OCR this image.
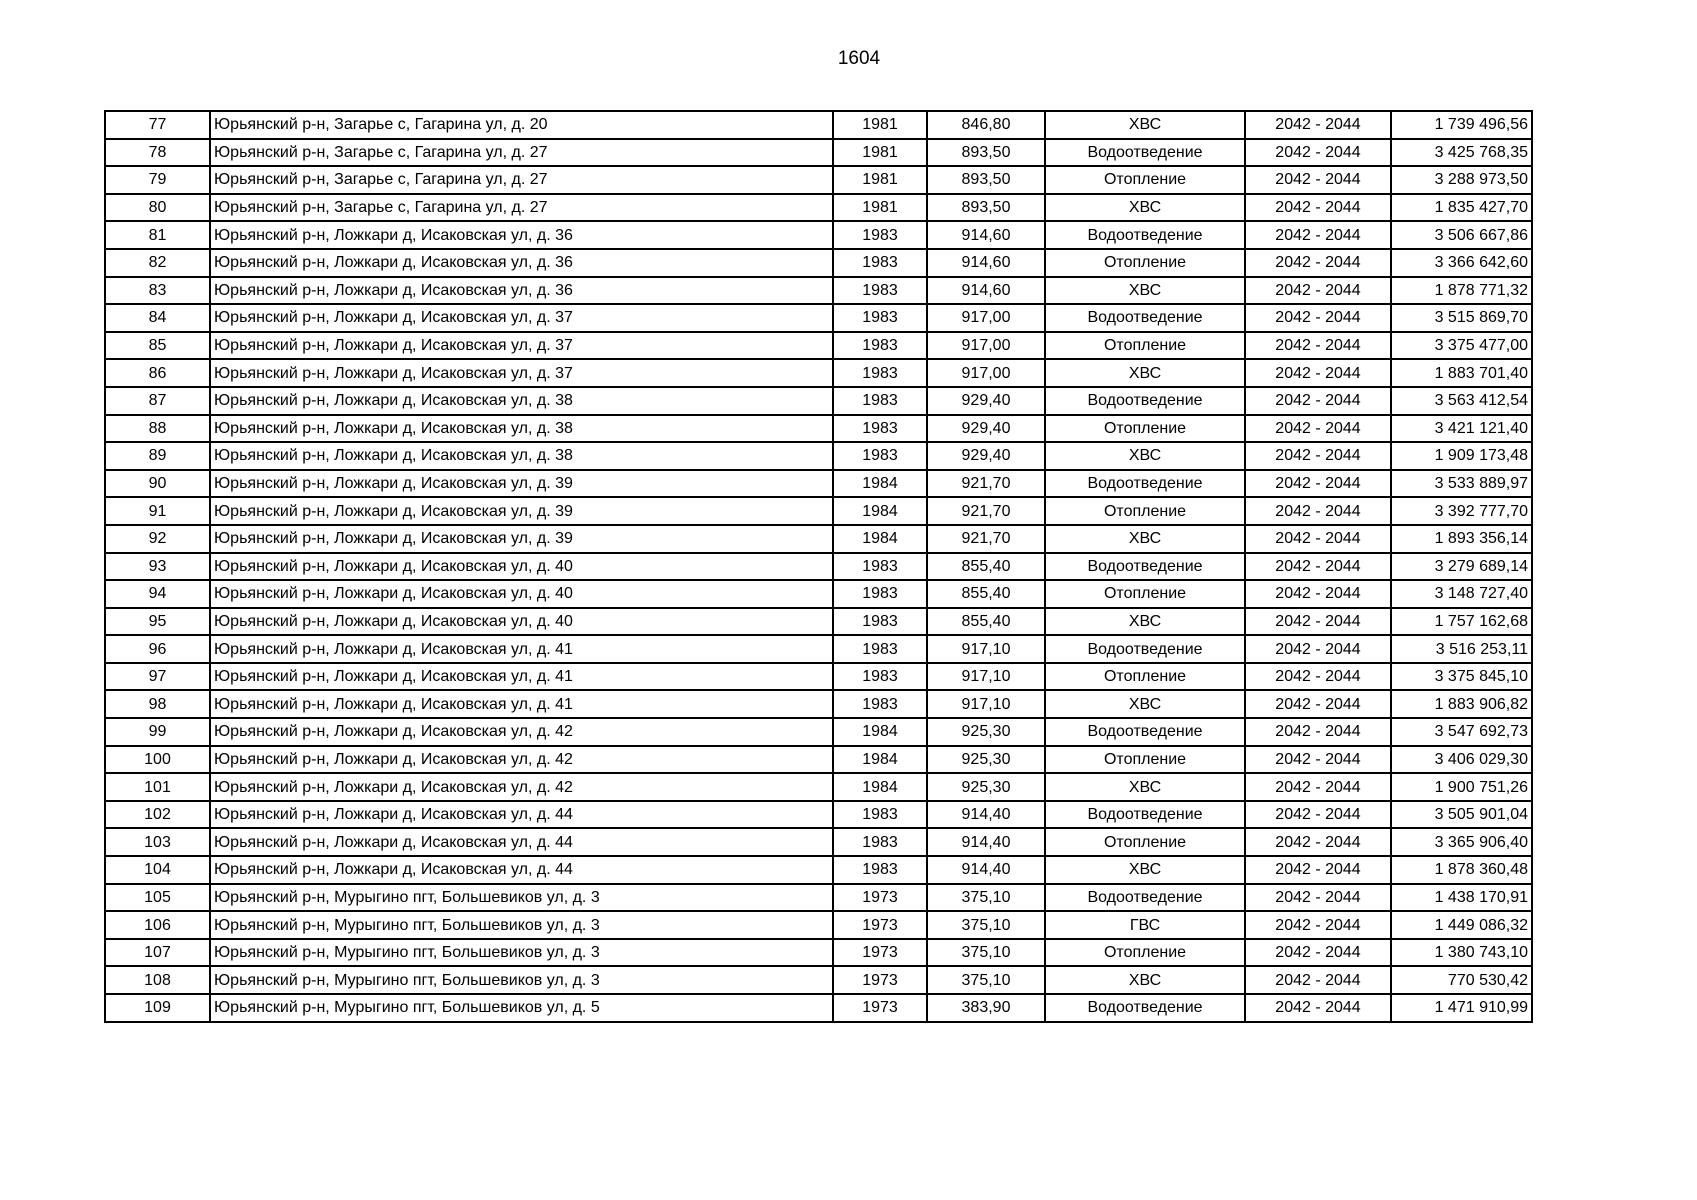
1604
77	Юрьянский р-н, Загарье с, Гагарина ул, д. 20	1981	846,80	ХВС	2042 - 2044	1 739 496,56
78	Юрьянский р-н, Загарье с, Гагарина ул, д. 27	1981	893,50	Водоотведение	2042 - 2044	3 425 768,35
79	Юрьянский р-н, Загарье с, Гагарина ул, д. 27	1981	893,50	Отопление	2042 - 2044	3 288 973,50
80	Юрьянский р-н, Загарье с, Гагарина ул, д. 27	1981	893,50	ХВС	2042 - 2044	1 835 427,70
81	Юрьянский р-н, Ложкари д, Исаковская ул, д. 36	1983	914,60	Водоотведение	2042 - 2044	3 506 667,86
82	Юрьянский р-н, Ложкари д, Исаковская ул, д. 36	1983	914,60	Отопление	2042 - 2044	3 366 642,60
83	Юрьянский р-н, Ложкари д, Исаковская ул, д. 36	1983	914,60	ХВС	2042 - 2044	1 878 771,32
84	Юрьянский р-н, Ложкари д, Исаковская ул, д. 37	1983	917,00	Водоотведение	2042 - 2044	3 515 869,70
85	Юрьянский р-н, Ложкари д, Исаковская ул, д. 37	1983	917,00	Отопление	2042 - 2044	3 375 477,00
86	Юрьянский р-н, Ложкари д, Исаковская ул, д. 37	1983	917,00	ХВС	2042 - 2044	1 883 701,40
87	Юрьянский р-н, Ложкари д, Исаковская ул, д. 38	1983	929,40	Водоотведение	2042 - 2044	3 563 412,54
88	Юрьянский р-н, Ложкари д, Исаковская ул, д. 38	1983	929,40	Отопление	2042 - 2044	3 421 121,40
89	Юрьянский р-н, Ложкари д, Исаковская ул, д. 38	1983	929,40	ХВС	2042 - 2044	1 909 173,48
90	Юрьянский р-н, Ложкари д, Исаковская ул, д. 39	1984	921,70	Водоотведение	2042 - 2044	3 533 889,97
91	Юрьянский р-н, Ложкари д, Исаковская ул, д. 39	1984	921,70	Отопление	2042 - 2044	3 392 777,70
92	Юрьянский р-н, Ложкари д, Исаковская ул, д. 39	1984	921,70	ХВС	2042 - 2044	1 893 356,14
93	Юрьянский р-н, Ложкари д, Исаковская ул, д. 40	1983	855,40	Водоотведение	2042 - 2044	3 279 689,14
94	Юрьянский р-н, Ложкари д, Исаковская ул, д. 40	1983	855,40	Отопление	2042 - 2044	3 148 727,40
95	Юрьянский р-н, Ложкари д, Исаковская ул, д. 40	1983	855,40	ХВС	2042 - 2044	1 757 162,68
96	Юрьянский р-н, Ложкари д, Исаковская ул, д. 41	1983	917,10	Водоотведение	2042 - 2044	3 516 253,11
97	Юрьянский р-н, Ложкари д, Исаковская ул, д. 41	1983	917,10	Отопление	2042 - 2044	3 375 845,10
98	Юрьянский р-н, Ложкари д, Исаковская ул, д. 41	1983	917,10	ХВС	2042 - 2044	1 883 906,82
99	Юрьянский р-н, Ложкари д, Исаковская ул, д. 42	1984	925,30	Водоотведение	2042 - 2044	3 547 692,73
100	Юрьянский р-н, Ложкари д, Исаковская ул, д. 42	1984	925,30	Отопление	2042 - 2044	3 406 029,30
101	Юрьянский р-н, Ложкари д, Исаковская ул, д. 42	1984	925,30	ХВС	2042 - 2044	1 900 751,26
102	Юрьянский р-н, Ложкари д, Исаковская ул, д. 44	1983	914,40	Водоотведение	2042 - 2044	3 505 901,04
103	Юрьянский р-н, Ложкари д, Исаковская ул, д. 44	1983	914,40	Отопление	2042 - 2044	3 365 906,40
104	Юрьянский р-н, Ложкари д, Исаковская ул, д. 44	1983	914,40	ХВС	2042 - 2044	1 878 360,48
105	Юрьянский р-н, Мурыгино пгт, Большевиков ул, д. 3	1973	375,10	Водоотведение	2042 - 2044	1 438 170,91
106	Юрьянский р-н, Мурыгино пгт, Большевиков ул, д. 3	1973	375,10	ГВС	2042 - 2044	1 449 086,32
107	Юрьянский р-н, Мурыгино пгт, Большевиков ул, д. 3	1973	375,10	Отопление	2042 - 2044	1 380 743,10
108	Юрьянский р-н, Мурыгино пгт, Большевиков ул, д. 3	1973	375,10	ХВС	2042 - 2044	770 530,42
109	Юрьянский р-н, Мурыгино пгт, Большевиков ул, д. 5	1973	383,90	Водоотведение	2042 - 2044	1 471 910,99
